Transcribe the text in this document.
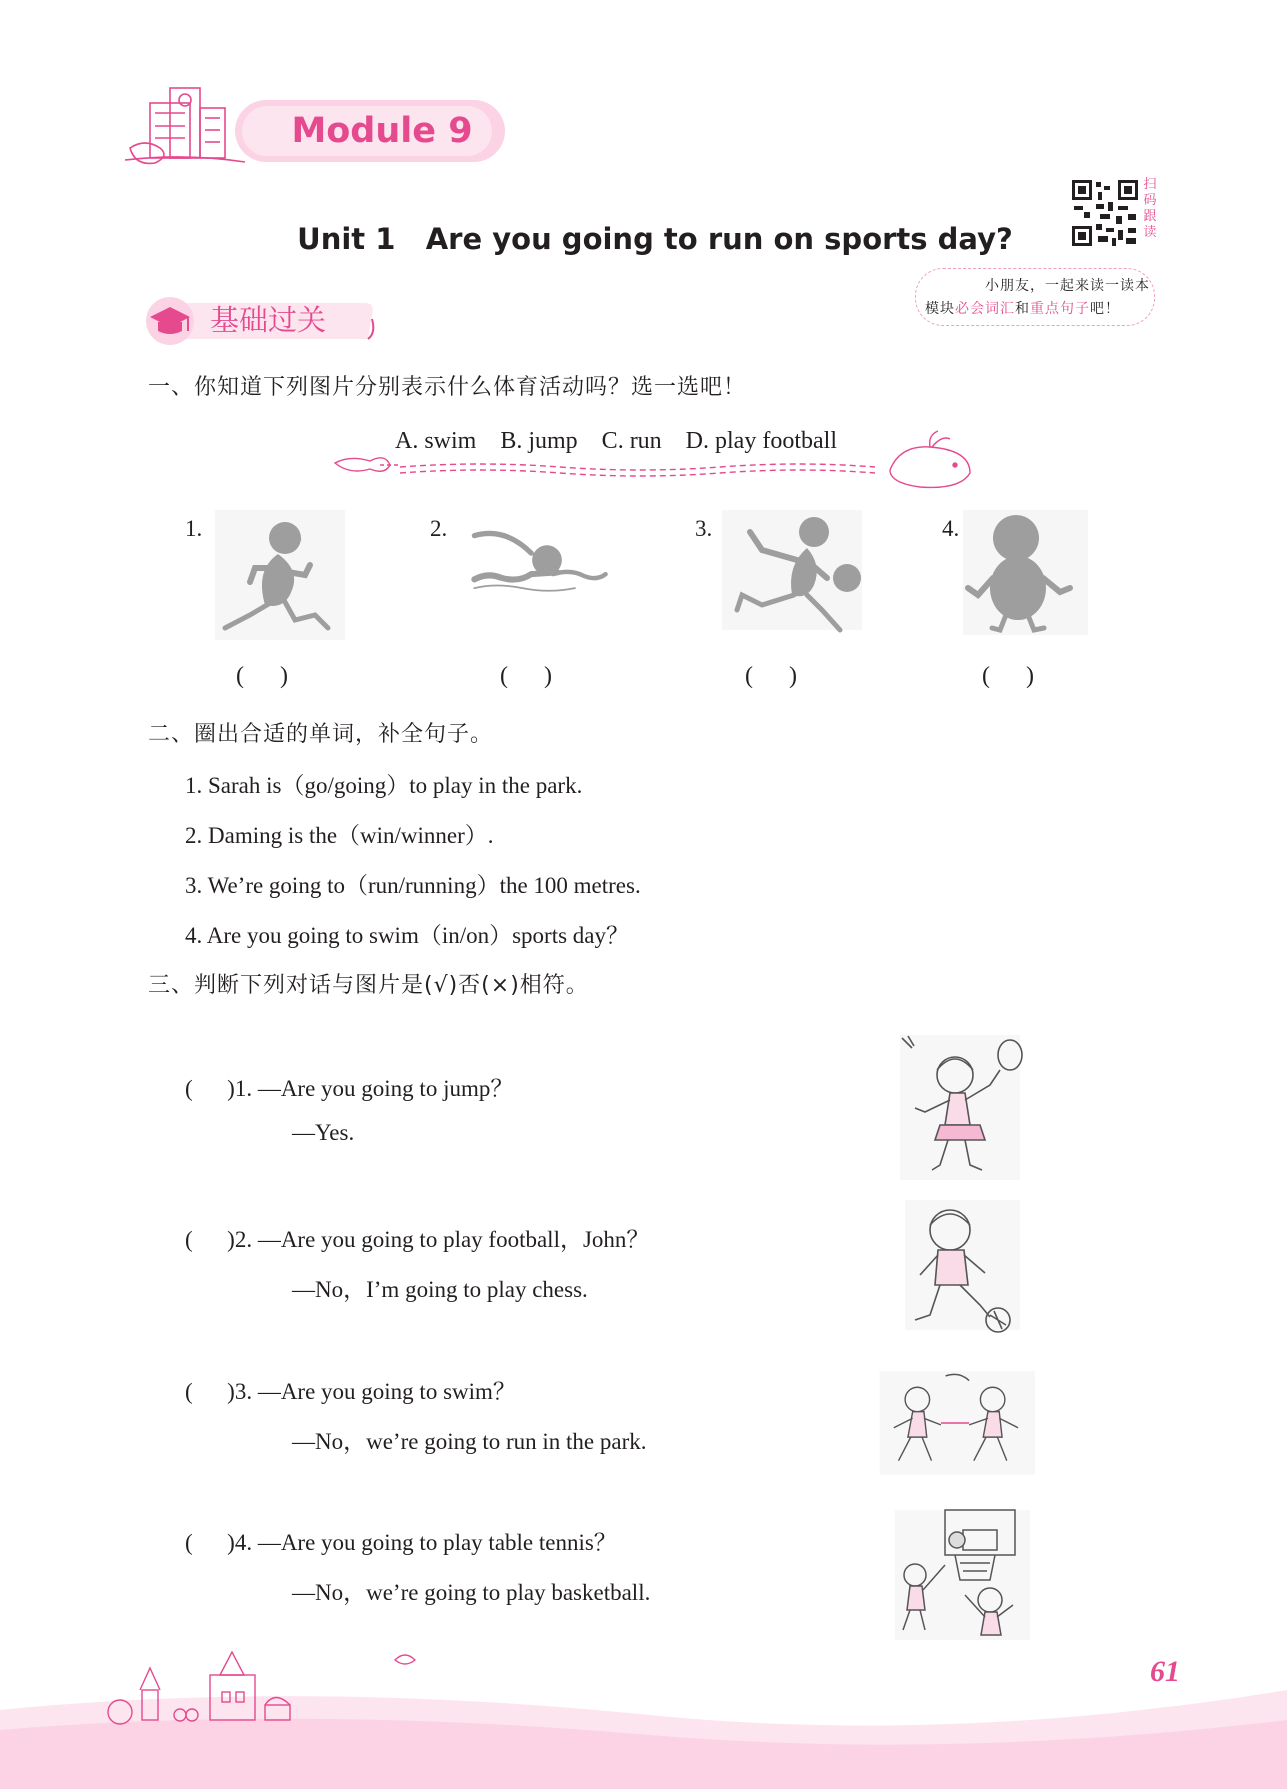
Module 9
Unit 1   Are you going to run on sports day?
扫
码
跟
读
小朋友，一起来读一读本
模块必会词汇和重点句子吧！
基础过关
一、你知道下列图片分别表示什么体育活动吗？选一选吧！
A. swim    B. jump    C. run    D. play football
1.	2.	3.	4.
(      )	(      )	(      )	(      )
二、圈出合适的单词，补全句子。
1. Sarah is（go/going）to play in the park.
2. Daming is the（win/winner）.
3. We’re going to（run/running）the 100 metres.
4. Are you going to swim（in/on）sports day？
三、判断下列对话与图片是(√)否(×)相符。
(      )1. —Are you going to jump？
—Yes.
(      )2. —Are you going to play football，John？
—No，I’m going to play chess.
(      )3. —Are you going to swim？
—No，we’re going to run in the park.
(      )4. —Are you going to play table tennis？
—No，we’re going to play basketball.
61
